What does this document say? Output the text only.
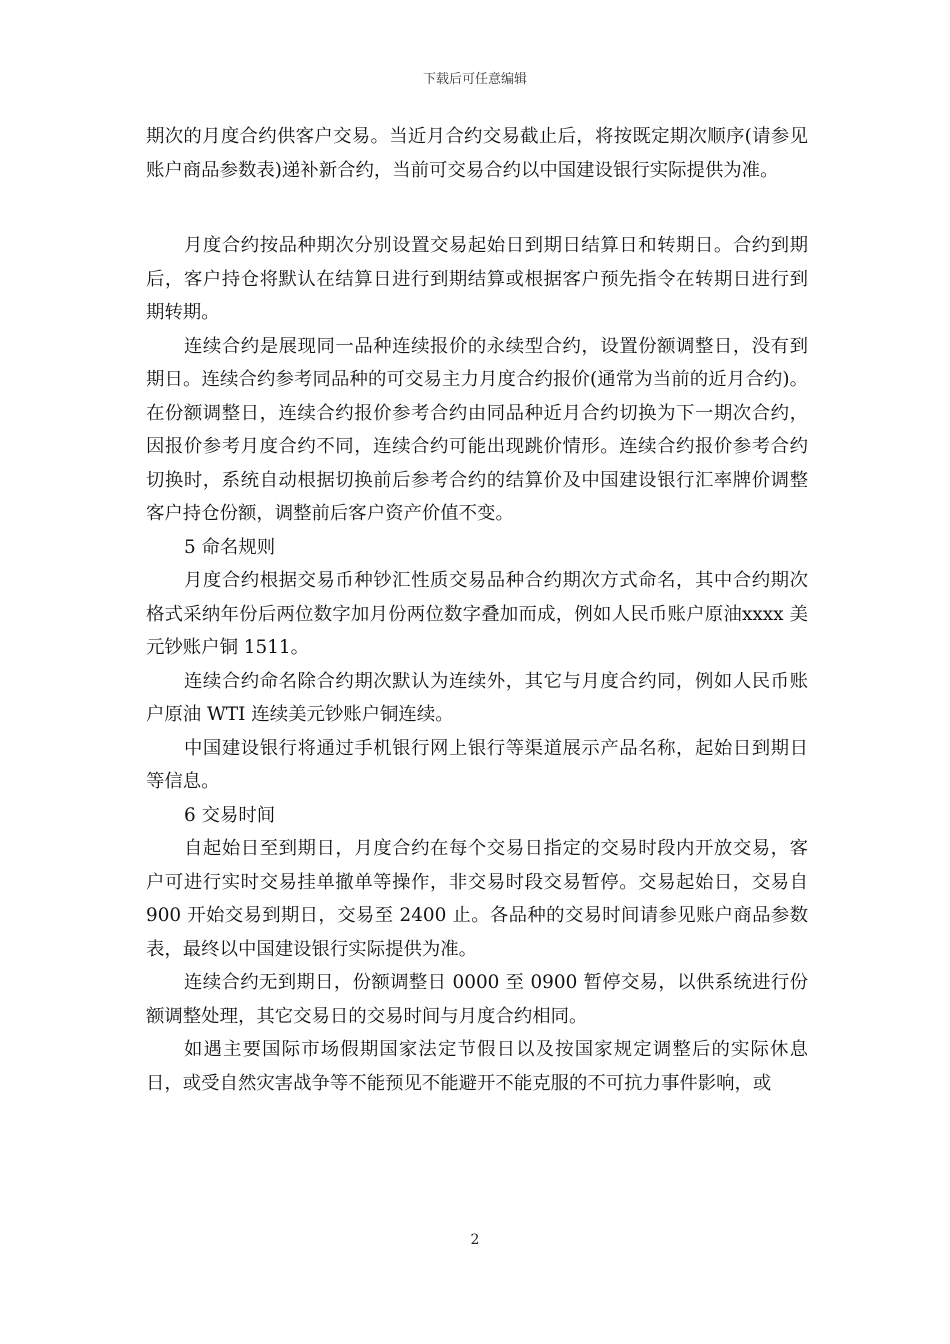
下载后可任意编辑

期次的月度合约供客户交易。当近月合约交易截止后，将按既定期次顺序(请参见账户商品参数表)递补新合约，当前可交易合约以中国建设银行实际提供为准。

月度合约按品种期次分别设置交易起始日到期日结算日和转期日。合约到期后，客户持仓将默认在结算日进行到期结算或根据客户预先指令在转期日进行到期转期。

连续合约是展现同一品种连续报价的永续型合约，设置份额调整日，没有到期日。连续合约参考同品种的可交易主力月度合约报价(通常为当前的近月合约)。在份额调整日，连续合约报价参考合约由同品种近月合约切换为下一期次合约，因报价参考月度合约不同，连续合约可能出现跳价情形。连续合约报价参考合约切换时，系统自动根据切换前后参考合约的结算价及中国建设银行汇率牌价调整客户持仓份额，调整前后客户资产价值不变。

5 命名规则

月度合约根据交易币种钞汇性质交易品种合约期次方式命名，其中合约期次格式采纳年份后两位数字加月份两位数字叠加而成，例如人民币账户原油xxxx 美元钞账户铜 1511。

连续合约命名除合约期次默认为连续外，其它与月度合约同，例如人民币账户原油 WTI 连续美元钞账户铜连续。

中国建设银行将通过手机银行网上银行等渠道展示产品名称，起始日到期日等信息。

6 交易时间

自起始日至到期日，月度合约在每个交易日指定的交易时段内开放交易，客户可进行实时交易挂单撤单等操作，非交易时段交易暂停。交易起始日，交易自 900 开始交易到期日，交易至 2400 止。各品种的交易时间请参见账户商品参数表，最终以中国建设银行实际提供为准。

连续合约无到期日，份额调整日 0000 至 0900 暂停交易，以供系统进行份额调整处理，其它交易日的交易时间与月度合约相同。

如遇主要国际市场假期国家法定节假日以及按国家规定调整后的实际休息日，或受自然灾害战争等不能预见不能避开不能克服的不可抗力事件影响，或

2
